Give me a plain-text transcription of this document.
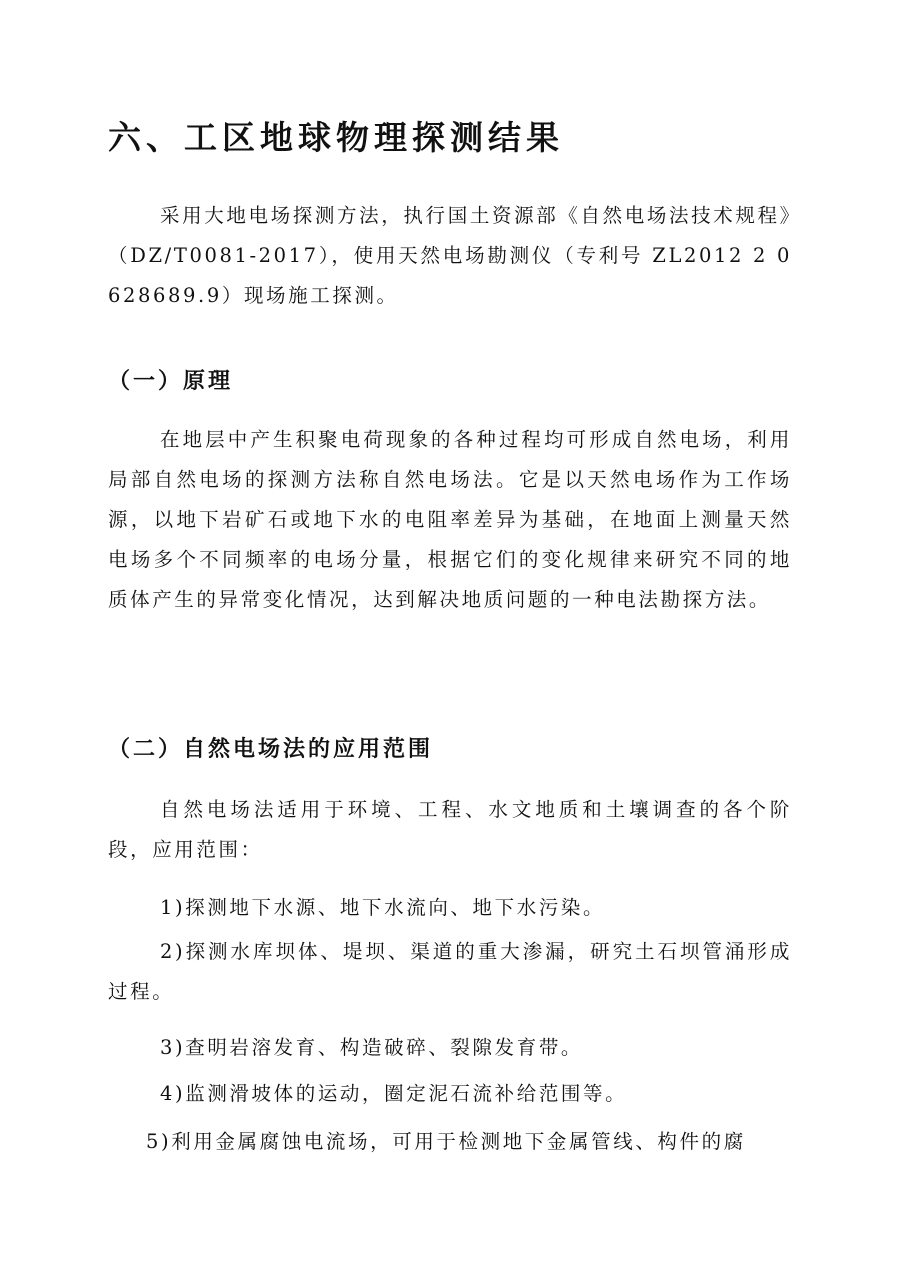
六、工区地球物理探测结果

采用大地电场探测方法，执行国土资源部《自然电场法技术规程》（DZ/T0081-2017），使用天然电场勘测仪（专利号 ZL2012 2 0628689.9）现场施工探测。

（一）原理

在地层中产生积聚电荷现象的各种过程均可形成自然电场，利用局部自然电场的探测方法称自然电场法。它是以天然电场作为工作场源，以地下岩矿石或地下水的电阻率差异为基础，在地面上测量天然电场多个不同频率的电场分量，根据它们的变化规律来研究不同的地质体产生的异常变化情况，达到解决地质问题的一种电法勘探方法。

（二）自然电场法的应用范围

自然电场法适用于环境、工程、水文地质和土壤调查的各个阶段，应用范围：

1)探测地下水源、地下水流向、地下水污染。

2)探测水库坝体、堤坝、渠道的重大渗漏，研究土石坝管涌形成过程。

3)查明岩溶发育、构造破碎、裂隙发育带。

4)监测滑坡体的运动，圈定泥石流补给范围等。

5)利用金属腐蚀电流场，可用于检测地下金属管线、构件的腐
